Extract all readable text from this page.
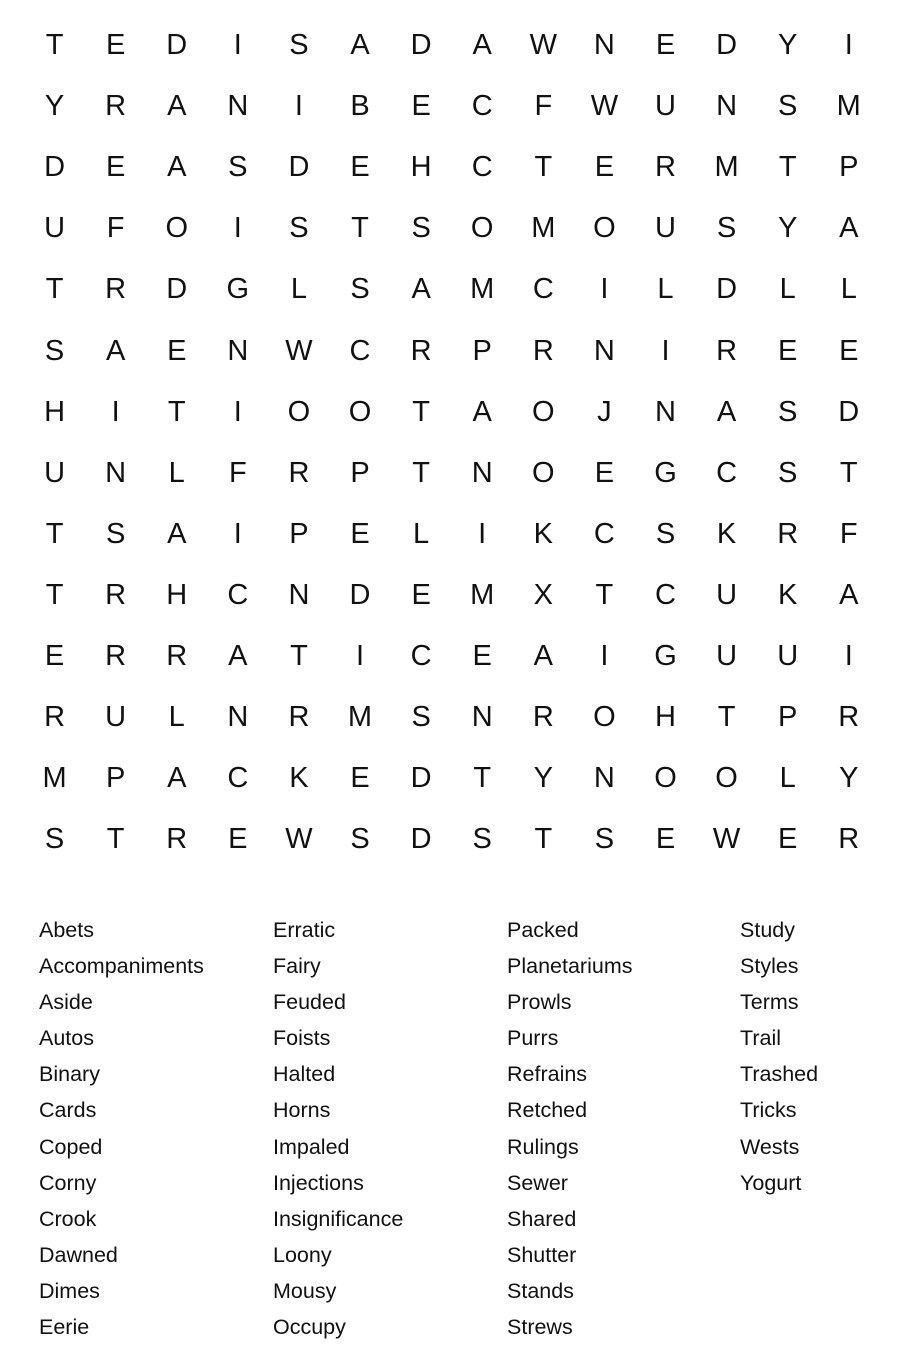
T	E	D	I	S	A	D	A	W	N	E	D	Y	I
Y	R	A	N	I	B	E	C	F	W	U	N	S	M
D	E	A	S	D	E	H	C	T	E	R	M	T	P
U	F	O	I	S	T	S	O	M	O	U	S	Y	A
T	R	D	G	L	S	A	M	C	I	L	D	L	L
S	A	E	N	W	C	R	P	R	N	I	R	E	E
H	I	T	I	O	O	T	A	O	J	N	A	S	D
U	N	L	F	R	P	T	N	O	E	G	C	S	T
T	S	A	I	P	E	L	I	K	C	S	K	R	F
T	R	H	C	N	D	E	M	X	T	C	U	K	A
E	R	R	A	T	I	C	E	A	I	G	U	U	I
R	U	L	N	R	M	S	N	R	O	H	T	P	R
M	P	A	C	K	E	D	T	Y	N	O	O	L	Y
S	T	R	E	W	S	D	S	T	S	E	W	E	R
Abets
Accompaniments
Aside
Autos
Binary
Cards
Coped
Corny
Crook
Dawned
Dimes
Eerie
Erratic
Fairy
Feuded
Foists
Halted
Horns
Impaled
Injections
Insignificance
Loony
Mousy
Occupy
Packed
Planetariums
Prowls
Purrs
Refrains
Retched
Rulings
Sewer
Shared
Shutter
Stands
Strews
Study
Styles
Terms
Trail
Trashed
Tricks
Wests
Yogurt
